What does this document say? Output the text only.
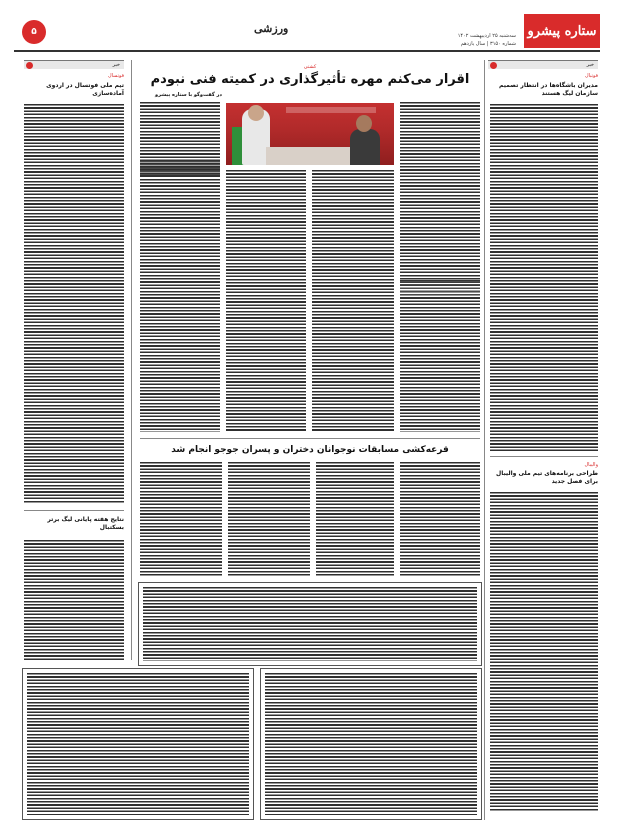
ستاره پیشرو
سه‌شنبه ۲۵ اردیبهشت ۱۴۰۲
شماره ۳۱۵۰ | سال یازدهم
ورزشی
۵
خبر
فوتبال
مدیران باشگاه‌ها در انتظار تصمیم سازمان لیگ هستند
والیبال
طراحی برنامه‌های تیم ملی والیبال برای فصل جدید
خبر
فوتسال
تیم ملی فوتسال در اردوی آماده‌سازی
نتایج هفته پایانی لیگ برتر بسکتبال
کشتی
اقرار می‌کنم مهره تأثیرگذاری در کمیته فنی نبودم
در گفت‌وگو با ستاره پیشرو
قرعه‌کشی مسابقات نوجوانان دختران و پسران جوجو انجام شد
